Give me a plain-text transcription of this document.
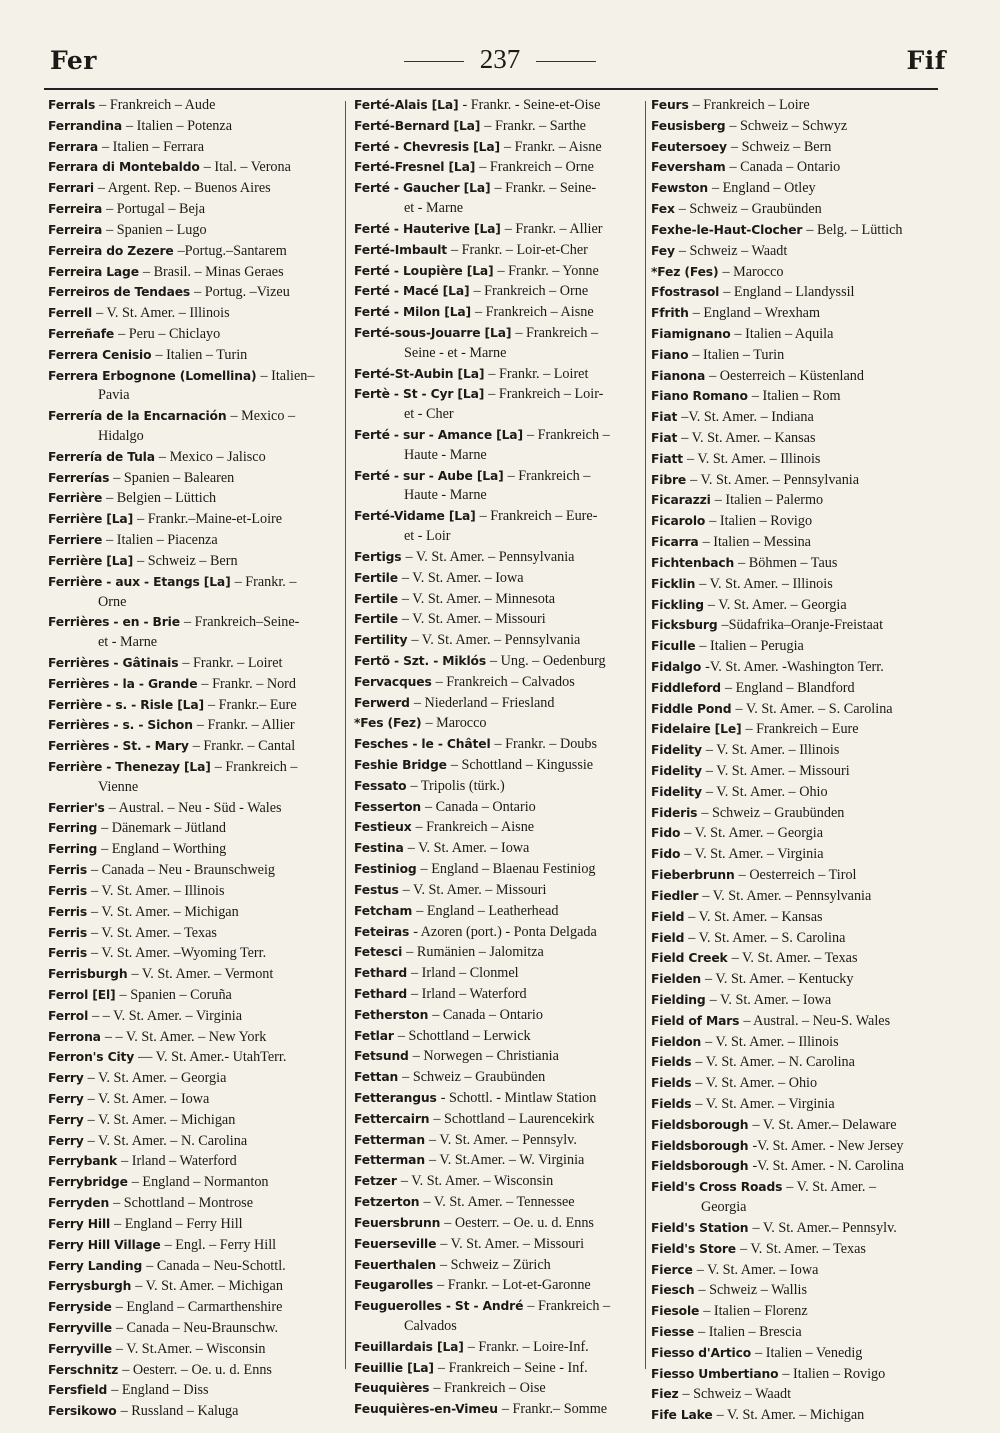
Fer	237	Fif

Ferrals – Frankreich – Aude

Ferrandina – Italien – Potenza

Ferrara – Italien – Ferrara

Ferrara di Montebaldo – Ital. – Verona

Ferrari – Argent. Rep. – Buenos Aires

Ferreira – Portugal – Beja

Ferreira – Spanien – Lugo

Ferreira do Zezere –Portug.–Santarem

Ferreira Lage – Brasil. – Minas Geraes

Ferreiros de Tendaes – Portug. –Vizeu

Ferrell – V. St. Amer. – Illinois

Ferreñafe – Peru – Chiclayo

Ferrera Cenisio – Italien – Turin

Ferrera Erbognone (Lomellina) – Italien–

Pavia

Ferrería de la Encarnación – Mexico –

Hidalgo

Ferrería de Tula – Mexico – Jalisco

Ferrerías – Spanien – Balearen

Ferrière – Belgien – Lüttich

Ferrière [La] – Frankr.–Maine-et-Loire

Ferriere – Italien – Piacenza

Ferrière [La] – Schweiz – Bern

Ferrière - aux - Etangs [La] – Frankr. –

Orne

Ferrières - en - Brie – Frankreich–Seine-

et - Marne

Ferrières - Gâtinais – Frankr. – Loiret

Ferrières - la - Grande – Frankr. – Nord

Ferrière - s. - Risle [La] – Frankr.– Eure

Ferrières - s. - Sichon – Frankr. – Allier

Ferrières - St. - Mary – Frankr. – Cantal

Ferrière - Thenezay [La] – Frankreich –

Vienne

Ferrier's – Austral. – Neu - Süd - Wales

Ferring – Dänemark – Jütland

Ferring – England – Worthing

Ferris – Canada – Neu - Braunschweig

Ferris – V. St. Amer. – Illinois

Ferris – V. St. Amer. – Michigan

Ferris – V. St. Amer. – Texas

Ferris – V. St. Amer. –Wyoming Terr.

Ferrisburgh – V. St. Amer. – Vermont

Ferrol [El] – Spanien – Coruña

Ferrol – – V. St. Amer. – Virginia

Ferrona – – V. St. Amer. – New York

Ferron's City –– V. St. Amer.- UtahTerr.

Ferry – V. St. Amer. – Georgia

Ferry – V. St. Amer. – Iowa

Ferry – V. St. Amer. – Michigan

Ferry – V. St. Amer. – N. Carolina

Ferrybank – Irland – Waterford

Ferrybridge – England – Normanton

Ferryden – Schottland – Montrose

Ferry Hill – England – Ferry Hill

Ferry Hill Village – Engl. – Ferry Hill

Ferry Landing – Canada – Neu-Schottl.

Ferrysburgh – V. St. Amer. – Michigan

Ferryside – England – Carmarthenshire

Ferryville – Canada – Neu-Braunschw.

Ferryville – V. St.Amer. – Wisconsin

Ferschnitz – Oesterr. – Oe. u. d. Enns

Fersfield – England – Diss

Fersikowo – Russland – Kaluga

Ferté-Alais [La] - Frankr. - Seine-et-Oise

Ferté-Bernard [La] – Frankr. – Sarthe

Ferté - Chevresis [La] – Frankr. – Aisne

Ferté-Fresnel [La] – Frankreich – Orne

Ferté - Gaucher [La] – Frankr. – Seine-

et - Marne

Ferté - Hauterive [La] – Frankr. – Allier

Ferté-Imbault – Frankr. – Loir-et-Cher

Ferté - Loupière [La] – Frankr. – Yonne

Ferté - Macé [La] – Frankreich – Orne

Ferté - Milon [La] – Frankreich – Aisne

Ferté-sous-Jouarre [La] – Frankreich –

Seine - et - Marne

Ferté-St-Aubin [La] – Frankr. – Loiret

Fertè - St - Cyr [La] – Frankreich – Loir-

et - Cher

Ferté - sur - Amance [La] – Frankreich –

Haute - Marne

Ferté - sur - Aube [La] – Frankreich –

Haute - Marne

Ferté-Vidame [La] – Frankreich – Eure-

et - Loir

Fertigs – V. St. Amer. – Pennsylvania

Fertile – V. St. Amer. – Iowa

Fertile – V. St. Amer. – Minnesota

Fertile – V. St. Amer. – Missouri

Fertility – V. St. Amer. – Pennsylvania

Fertö - Szt. - Miklós – Ung. – Oedenburg

Fervacques – Frankreich – Calvados

Ferwerd – Niederland – Friesland

*Fes (Fez) – Marocco

Fesches - le - Châtel – Frankr. – Doubs

Feshie Bridge – Schottland – Kingussie

Fessato – Tripolis (türk.)

Fesserton – Canada – Ontario

Festieux – Frankreich – Aisne

Festina – V. St. Amer. – Iowa

Festiniog – England – Blaenau Festiniog

Festus – V. St. Amer. – Missouri

Fetcham – England – Leatherhead

Feteiras - Azoren (port.) - Ponta Delgada

Fetesci – Rumänien – Jalomitza

Fethard – Irland – Clonmel

Fethard – Irland – Waterford

Fetherston – Canada – Ontario

Fetlar – Schottland – Lerwick

Fetsund – Norwegen – Christiania

Fettan – Schweiz – Graubünden

Fetterangus - Schottl. - Mintlaw Station

Fettercairn – Schottland – Laurencekirk

Fetterman – V. St. Amer. – Pennsylv.

Fetterman – V. St.Amer. – W. Virginia

Fetzer – V. St. Amer. – Wisconsin

Fetzerton – V. St. Amer. – Tennessee

Feuersbrunn – Oesterr. – Oe. u. d. Enns

Feuerseville – V. St. Amer. – Missouri

Feuerthalen – Schweiz – Zürich

Feugarolles – Frankr. – Lot-et-Garonne

Feuguerolles - St - André – Frankreich –

Calvados

Feuillardais [La] – Frankr. – Loire-Inf.

Feuillie [La] – Frankreich – Seine - Inf.

Feuquières – Frankreich – Oise

Feuquières-en-Vimeu – Frankr.– Somme

Feurs – Frankreich – Loire

Feusisberg – Schweiz – Schwyz

Feutersoey – Schweiz – Bern

Feversham – Canada – Ontario

Fewston – England – Otley

Fex – Schweiz – Graubünden

Fexhe-le-Haut-Clocher – Belg. – Lüttich

Fey – Schweiz – Waadt

*Fez (Fes) – Marocco

Ffostrasol – England – Llandyssil

Ffrith – England – Wrexham

Fiamignano – Italien – Aquila

Fiano – Italien – Turin

Fianona – Oesterreich – Küstenland

Fiano Romano – Italien – Rom

Fiat –V. St. Amer. – Indiana

Fiat – V. St. Amer. – Kansas

Fiatt – V. St. Amer. – Illinois

Fibre – V. St. Amer. – Pennsylvania

Ficarazzi – Italien – Palermo

Ficarolo – Italien – Rovigo

Ficarra – Italien – Messina

Fichtenbach – Böhmen – Taus

Ficklin – V. St. Amer. – Illinois

Fickling – V. St. Amer. – Georgia

Ficksburg –Südafrika–Oranje-Freistaat

Ficulle – Italien – Perugia

Fidalgo -V. St. Amer. -Washington Terr.

Fiddleford – England – Blandford

Fiddle Pond – V. St. Amer. – S. Carolina

Fidelaire [Le] – Frankreich – Eure

Fidelity – V. St. Amer. – Illinois

Fidelity – V. St. Amer. – Missouri

Fidelity – V. St. Amer. – Ohio

Fideris – Schweiz – Graubünden

Fido – V. St. Amer. – Georgia

Fido – V. St. Amer. – Virginia

Fieberbrunn – Oesterreich – Tirol

Fiedler – V. St. Amer. – Pennsylvania

Field – V. St. Amer. – Kansas

Field – V. St. Amer. – S. Carolina

Field Creek – V. St. Amer. – Texas

Fielden – V. St. Amer. – Kentucky

Fielding – V. St. Amer. – Iowa

Field of Mars – Austral. – Neu-S. Wales

Fieldon – V. St. Amer. – Illinois

Fields – V. St. Amer. – N. Carolina

Fields – V. St. Amer. – Ohio

Fields – V. St. Amer. – Virginia

Fieldsborough – V. St. Amer.– Delaware

Fieldsborough -V. St. Amer. - New Jersey

Fieldsborough -V. St. Amer. - N. Carolina

Field's Cross Roads – V. St. Amer. –

Georgia

Field's Station – V. St. Amer.– Pennsylv.

Field's Store – V. St. Amer. – Texas

Fierce – V. St. Amer. – Iowa

Fiesch – Schweiz – Wallis

Fiesole – Italien – Florenz

Fiesse – Italien – Brescia

Fiesso d'Artico – Italien – Venedig

Fiesso Umbertiano – Italien – Rovigo

Fiez – Schweiz – Waadt

Fife Lake – V. St. Amer. – Michigan
